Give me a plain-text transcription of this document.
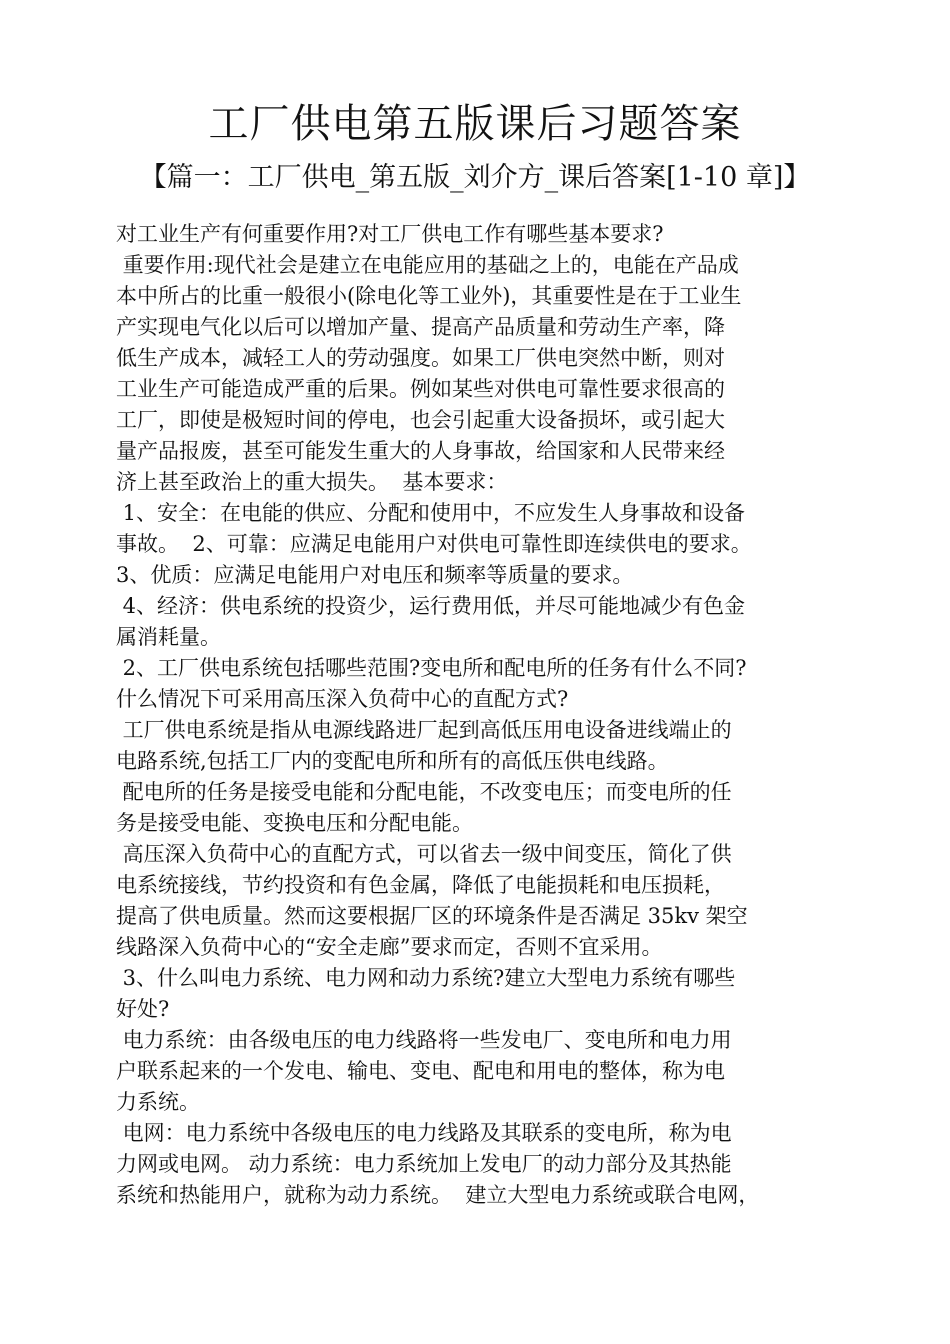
工厂供电第五版课后习题答案
【篇一：工厂供电_第五版_刘介方_课后答案[1-10 章]】
对工业生产有何重要作用?对工厂供电工作有哪些基本要求?
重要作用:现代社会是建立在电能应用的基础之上的，电能在产品成
本中所占的比重一般很小(除电化等工业外)，其重要性是在于工业生
产实现电气化以后可以增加产量、提高产品质量和劳动生产率，降
低生产成本，减轻工人的劳动强度。如果工厂供电突然中断，则对
工业生产可能造成严重的后果。例如某些对供电可靠性要求很高的
工厂，即使是极短时间的停电，也会引起重大设备损坏，或引起大
量产品报废，甚至可能发生重大的人身事故，给国家和人民带来经
济上甚至政治上的重大损失。  基本要求：
1、安全：在电能的供应、分配和使用中，不应发生人身事故和设备
事故。  2、可靠：应满足电能用户对供电可靠性即连续供电的要求。
3、优质：应满足电能用户对电压和频率等质量的要求。
4、经济：供电系统的投资少，运行费用低，并尽可能地减少有色金
属消耗量。
2、工厂供电系统包括哪些范围?变电所和配电所的任务有什么不同?
什么情况下可采用高压深入负荷中心的直配方式?
工厂供电系统是指从电源线路进厂起到高低压用电设备进线端止的
电路系统,包括工厂内的变配电所和所有的高低压供电线路。
配电所的任务是接受电能和分配电能，不改变电压；而变电所的任
务是接受电能、变换电压和分配电能。
高压深入负荷中心的直配方式，可以省去一级中间变压，简化了供
电系统接线，节约投资和有色金属，降低了电能损耗和电压损耗，
提高了供电质量。然而这要根据厂区的环境条件是否满足 35kv 架空
线路深入负荷中心的“安全走廊”要求而定，否则不宜采用。
3、什么叫电力系统、电力网和动力系统?建立大型电力系统有哪些
好处?
电力系统：由各级电压的电力线路将一些发电厂、变电所和电力用
户联系起来的一个发电、输电、变电、配电和用电的整体，称为电
力系统。
电网：电力系统中各级电压的电力线路及其联系的变电所，称为电
力网或电网。 动力系统：电力系统加上发电厂的动力部分及其热能
系统和热能用户，就称为动力系统。  建立大型电力系统或联合电网，
